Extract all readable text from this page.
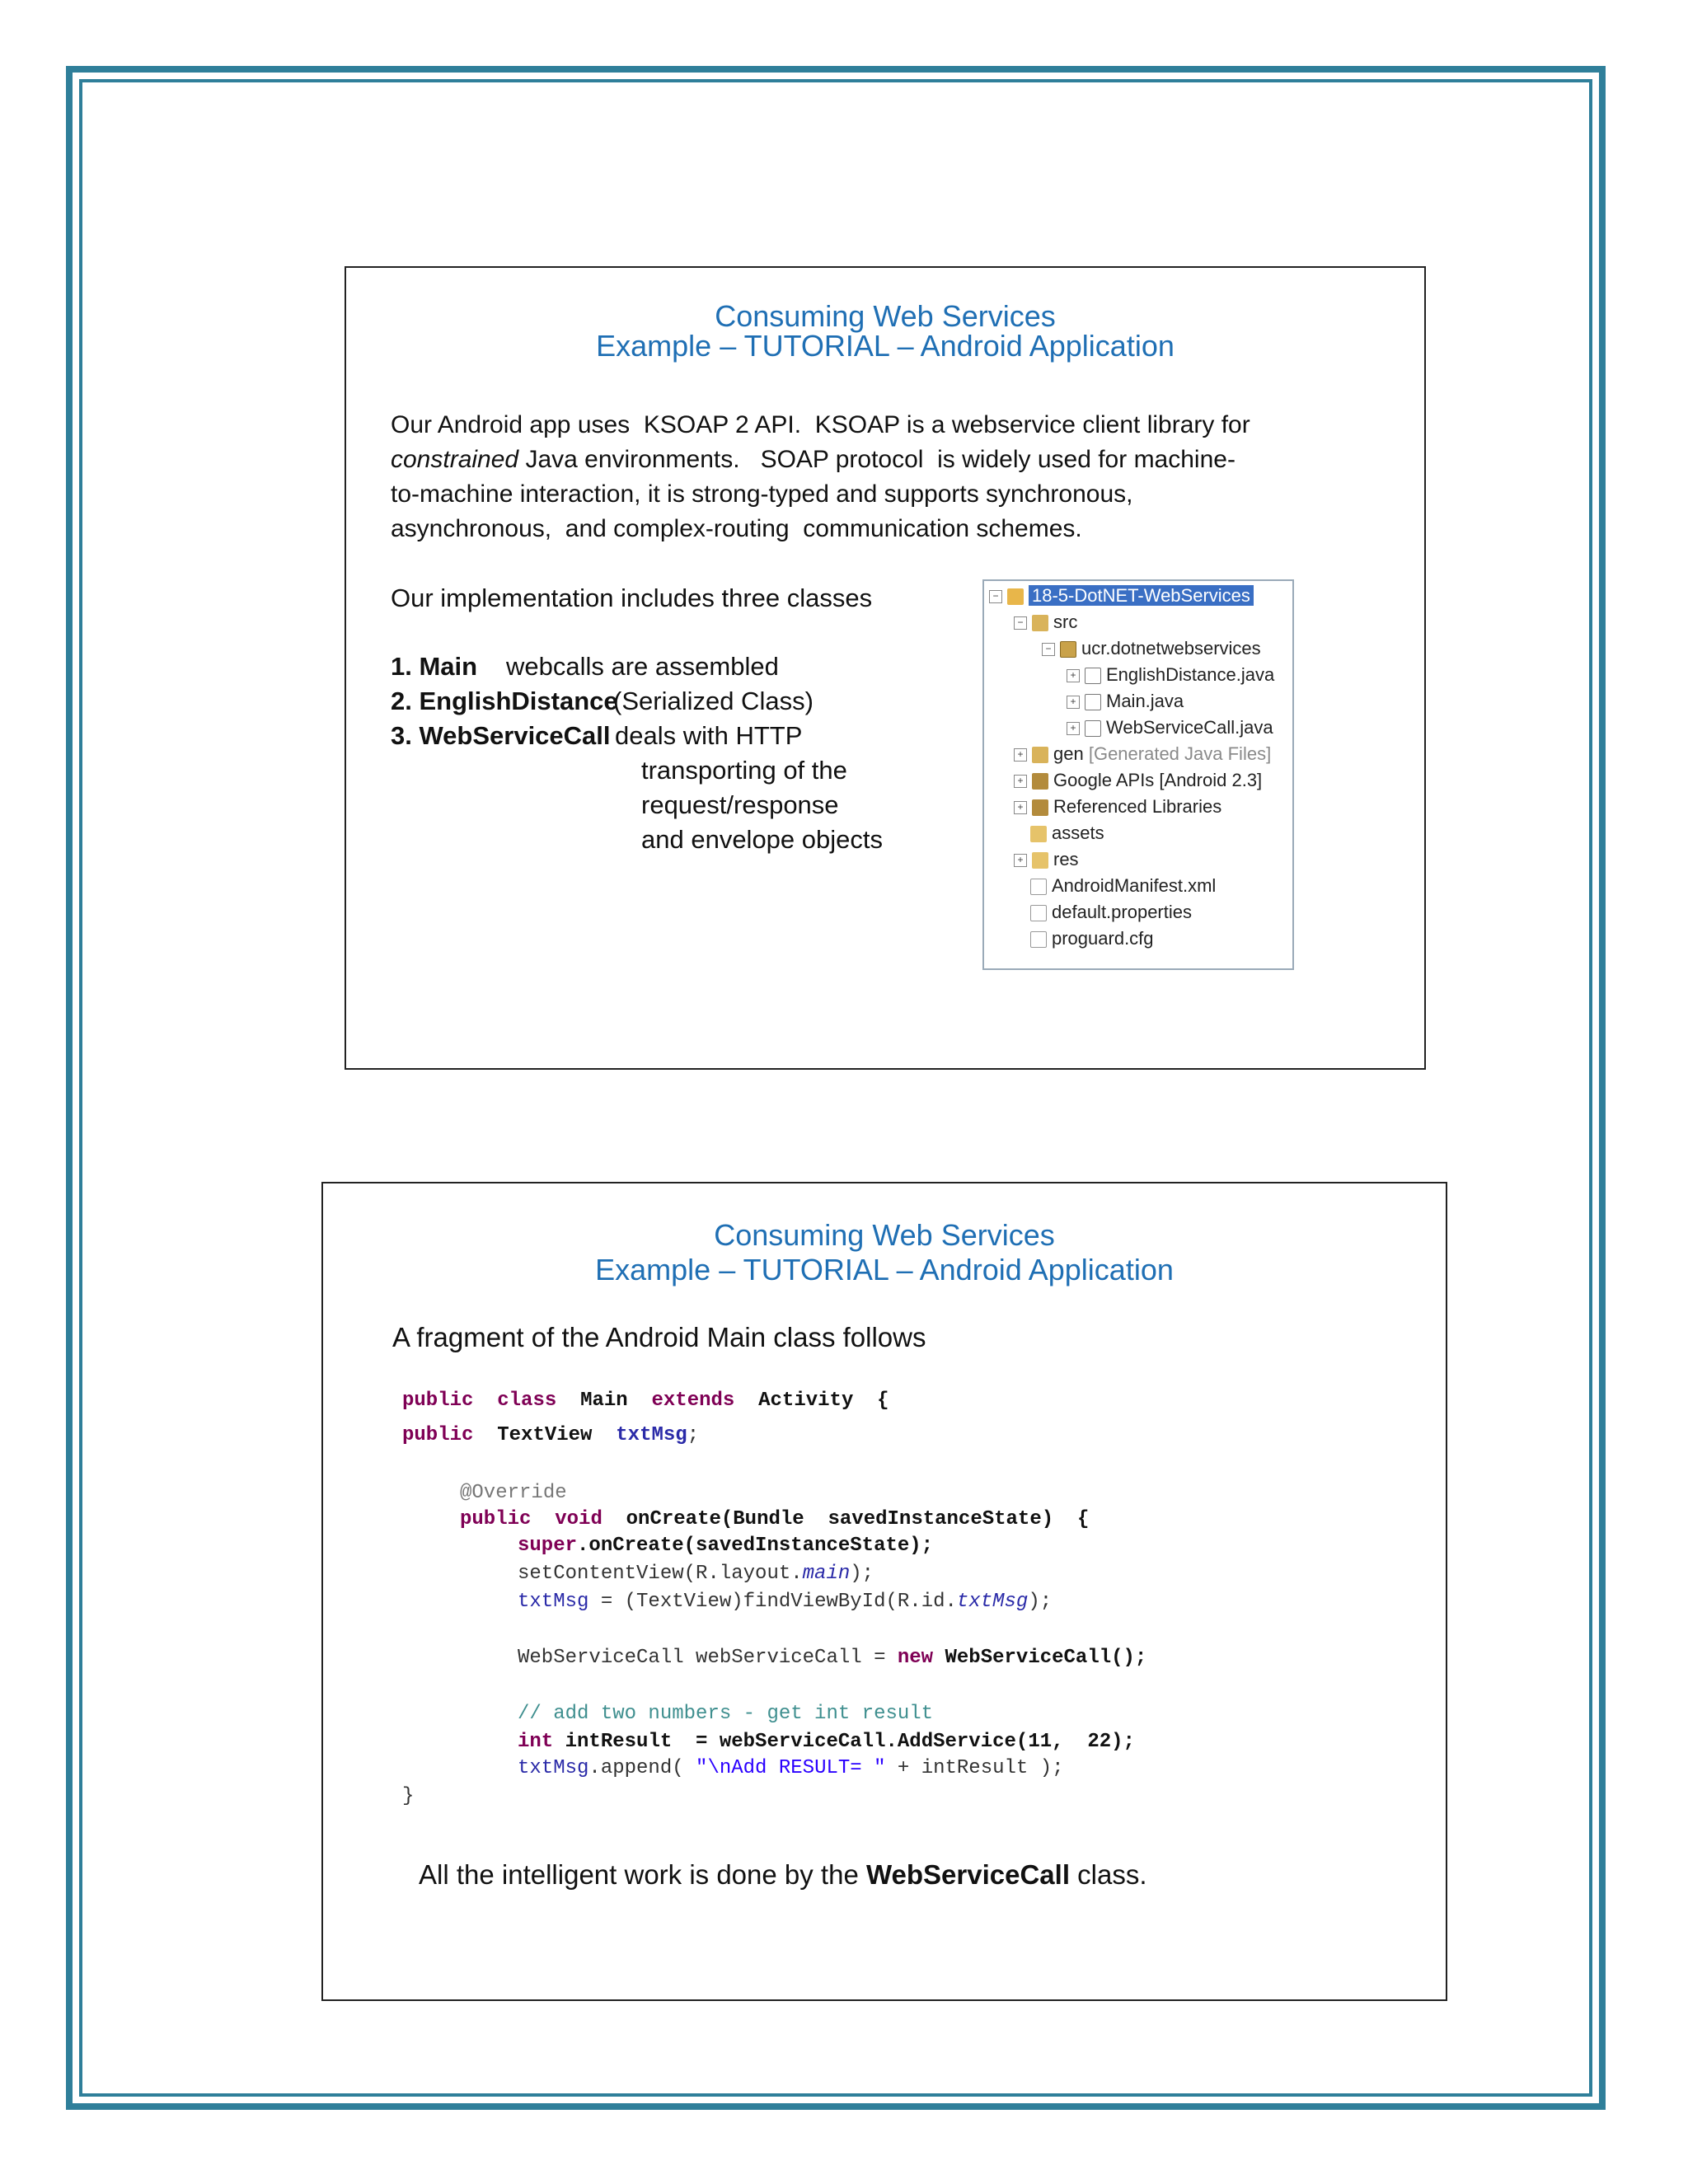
Consuming Web Services
Example – TUTORIAL – Android Application
Our Android app uses  KSOAP 2 API.  KSOAP is a webservice client library for
constrained Java environments.   SOAP protocol  is widely used for machine-
to-machine interaction, it is strong-typed and supports synchronous,
asynchronous,  and complex-routing  communication schemes.
Our implementation includes three classes
1. Main webcalls are assembled
2. EnglishDistance
(Serialized Class)
3. WebServiceCall deals with HTTP
transporting of the
request/response
and envelope objects
− 18-5-DotNET-WebServices
− src
− ucr.dotnetwebservices
+ EnglishDistance.java
+ Main.java
+ WebServiceCall.java
+ gen [Generated Java Files]
+ Google APIs [Android 2.3]
+ Referenced Libraries
assets
+ res
AndroidManifest.xml
default.properties
proguard.cfg
Consuming Web Services
Example – TUTORIAL – Android Application
A fragment of the Android Main class follows
public class Main extends Activity {
public TextView txtMsg;
@Override
public void onCreate(Bundle  savedInstanceState)  {
super.onCreate(savedInstanceState);
setContentView(R.layout.main);
txtMsg = (TextView)findViewById(R.id.txtMsg);
WebServiceCall webServiceCall = new WebServiceCall();
// add two numbers - get int result
int intResult  = webServiceCall.AddService(11,  22);
txtMsg.append( "\nAdd RESULT= " + intResult );
}
All the intelligent work is done by the WebServiceCall class.
